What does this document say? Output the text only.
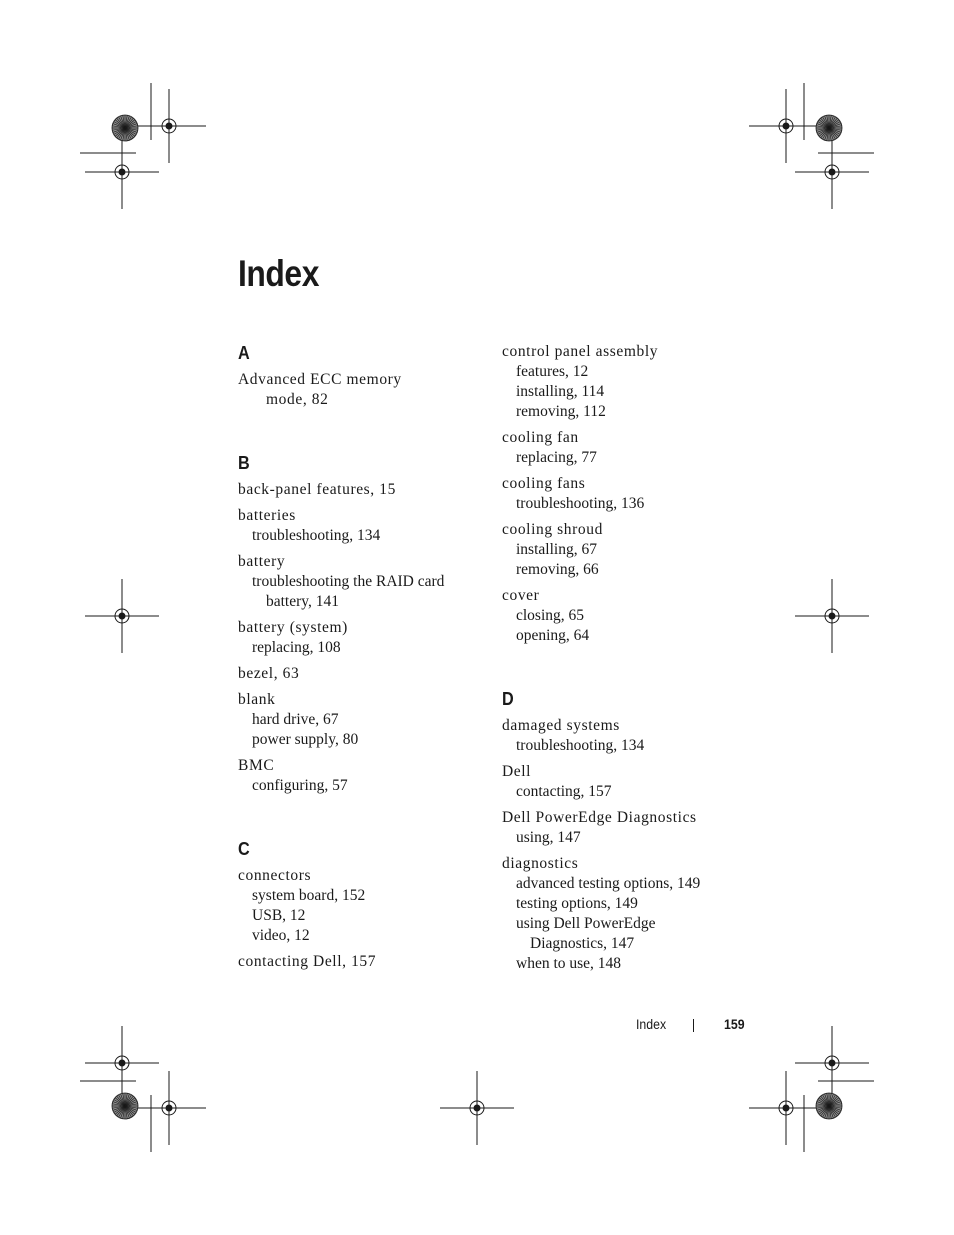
Index
A
Advanced ECC memory
mode, 82
B
back-panel features, 15
batteries
troubleshooting, 134
battery
troubleshooting the RAID card
battery, 141
battery (system)
replacing, 108
bezel, 63
blank
hard drive, 67
power supply, 80
BMC
configuring, 57
C
connectors
system board, 152
USB, 12
video, 12
contacting Dell, 157
control panel assembly
features, 12
installing, 114
removing, 112
cooling fan
replacing, 77
cooling fans
troubleshooting, 136
cooling shroud
installing, 67
removing, 66
cover
closing, 65
opening, 64
D
damaged systems
troubleshooting, 134
Dell
contacting, 157
Dell PowerEdge Diagnostics
using, 147
diagnostics
advanced testing options, 149
testing options, 149
using Dell PowerEdge
Diagnostics, 147
when to use, 148
Index	159
